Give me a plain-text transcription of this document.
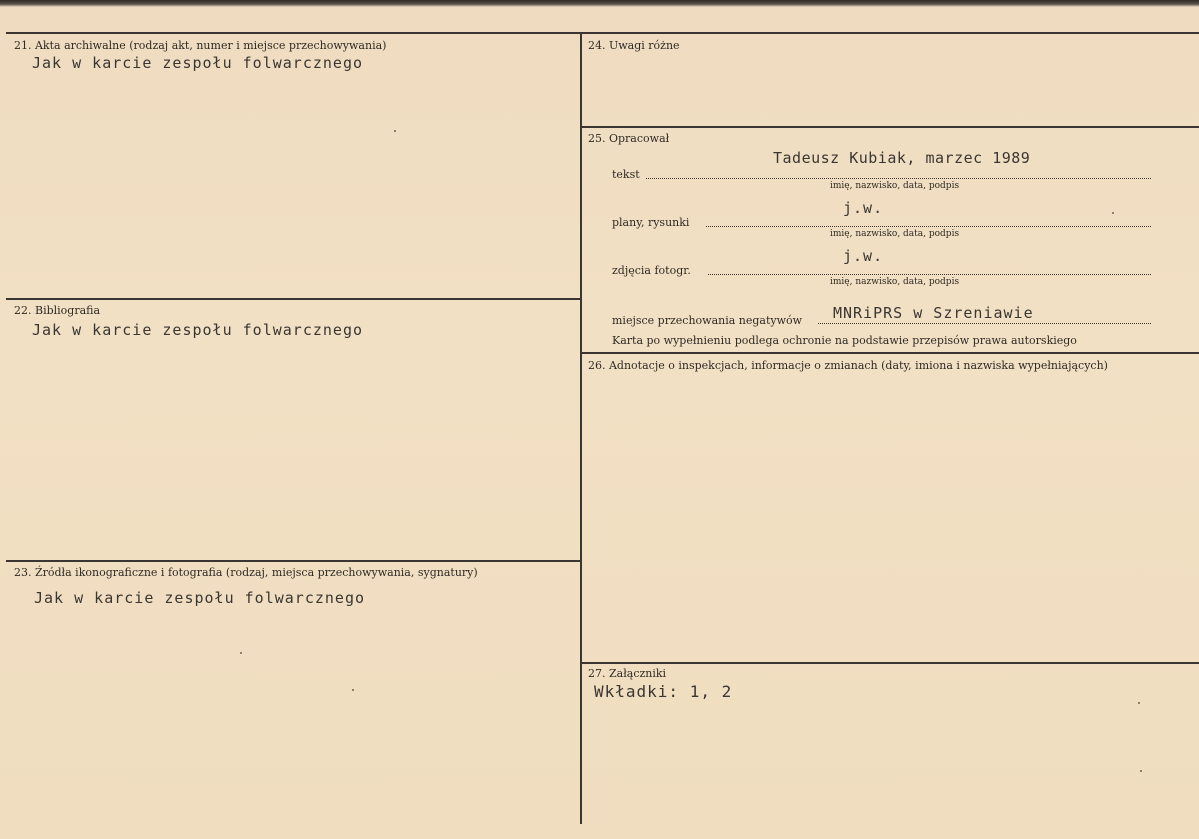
21. Akta archiwalne (rodzaj akt, numer i miejsce przechowywania)
Jak w karcie zespołu folwarcznego
22. Bibliografia
Jak w karcie zespołu folwarcznego
23. Źródła ikonograficzne i fotografia (rodzaj, miejsca przechowywania, sygnatury)
Jak w karcie zespołu folwarcznego
24. Uwagi różne
25. Opracował
tekst
Tadeusz Kubiak, marzec 1989
imię, nazwisko, data, podpis
plany, rysunki
j.w.
imię, nazwisko, data, podpis
zdjęcia fotogr.
j.w.
imię, nazwisko, data, podpis
miejsce przechowania negatywów MNRiPRS w Szreniawie
Karta po wypełnieniu podlega ochronie na podstawie przepisów prawa autorskiego
26. Adnotacje o inspekcjach, informacje o zmianach (daty, imiona i nazwiska wypełniających)
27. Załączniki
Wkładki: 1, 2
